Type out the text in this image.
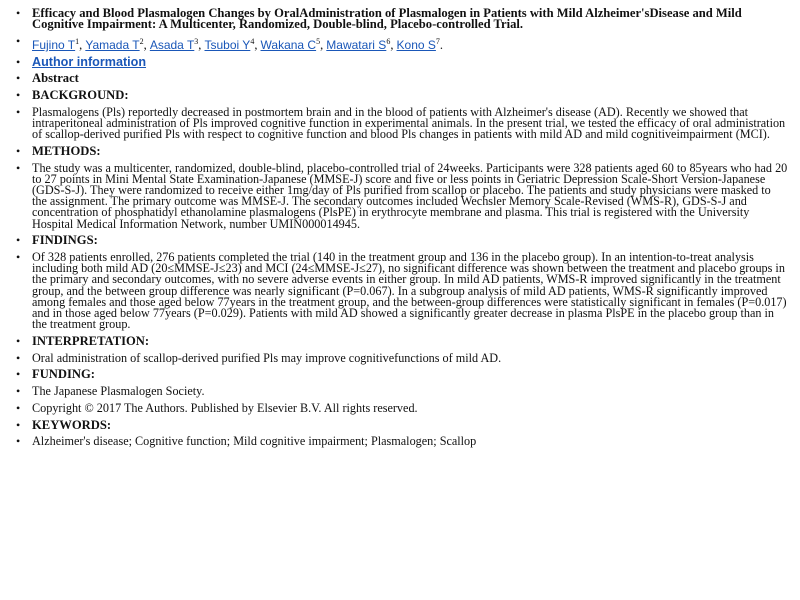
• Efficacy and Blood Plasmalogen Changes by OralAdministration of Plasmalogen in Patients with Mild Alzheimer'sDisease and Mild Cognitive Impairment: A Multicenter, Randomized, Double-blind, Placebo-controlled Trial.
• Fujino $T^1$, Yamada $T^2$, Asada $T^3$, Tsuboi $Y^4$, Wakana $C^5$, Mawatari $S^6$, Kono $S^7$.
• Author information
• Abstract
• BACKGROUND:
• Plasmalogens (Pls) reportedly decreased in postmortem brain and in the blood of patients with Alzheimer's disease (AD). Recently we showed that intraperitoneal administration of Pls improved cognitive function in experimental animals. In the present trial, we tested the efficacy of oral administration of scallop-derived purified Pls with respect to cognitive function and blood Pls changes in patients with mild AD and mild cognitiveimpairment (MCI).
• METHODS:
• The study was a multicenter, randomized, double-blind, placebo-controlled trial of 24weeks. Participants were 328 patients aged 60 to 85years who had 20 to 27 points in Mini Mental State Examination-Japanese (MMSE-J) score and five or less points in Geriatric Depression Scale-Short Version-Japanese (GDS-S-J). They were randomized to receive either 1mg/day of Pls purified from scallop or placebo. The patients and study physicians were masked to the assignment. The primary outcome was MMSE-J. The secondary outcomes included Wechsler Memory Scale-Revised (WMS-R), GDS-S-J and concentration of phosphatidyl ethanolamine plasmalogens (PlsPE) in erythrocyte membrane and plasma. This trial is registered with the University Hospital Medical Information Network, number UMIN000014945.
• FINDINGS:
• Of 328 patients enrolled, 276 patients completed the trial (140 in the treatment group and 136 in the placebo group). In an intention-to-treat analysis including both mild AD (20≤MMSE-J≤23) and MCI (24≤MMSE-J≤27), no significant difference was shown between the treatment and placebo groups in the primary and secondary outcomes, with no severe adverse events in either group. In mild AD patients, WMS-R improved significantly in the treatment group, and the between group difference was nearly significant (P=0.067). In a subgroup analysis of mild AD patients, WMS-R significantly improved among females and those aged below 77years in the treatment group, and the between-group differences were statistically significant in females (P=0.017) and in those aged below 77years (P=0.029). Patients with mild AD showed a significantly greater decrease in plasma PlsPE in the placebo group than in the treatment group.
• INTERPRETATION:
• Oral administration of scallop-derived purified Pls may improve cognitivefunctions of mild AD.
• FUNDING:
• The Japanese Plasmalogen Society.
• Copyright © 2017 The Authors. Published by Elsevier B.V. All rights reserved.
• KEYWORDS:
• Alzheimer's disease; Cognitive function; Mild cognitive impairment; Plasmalogen; Scallop
